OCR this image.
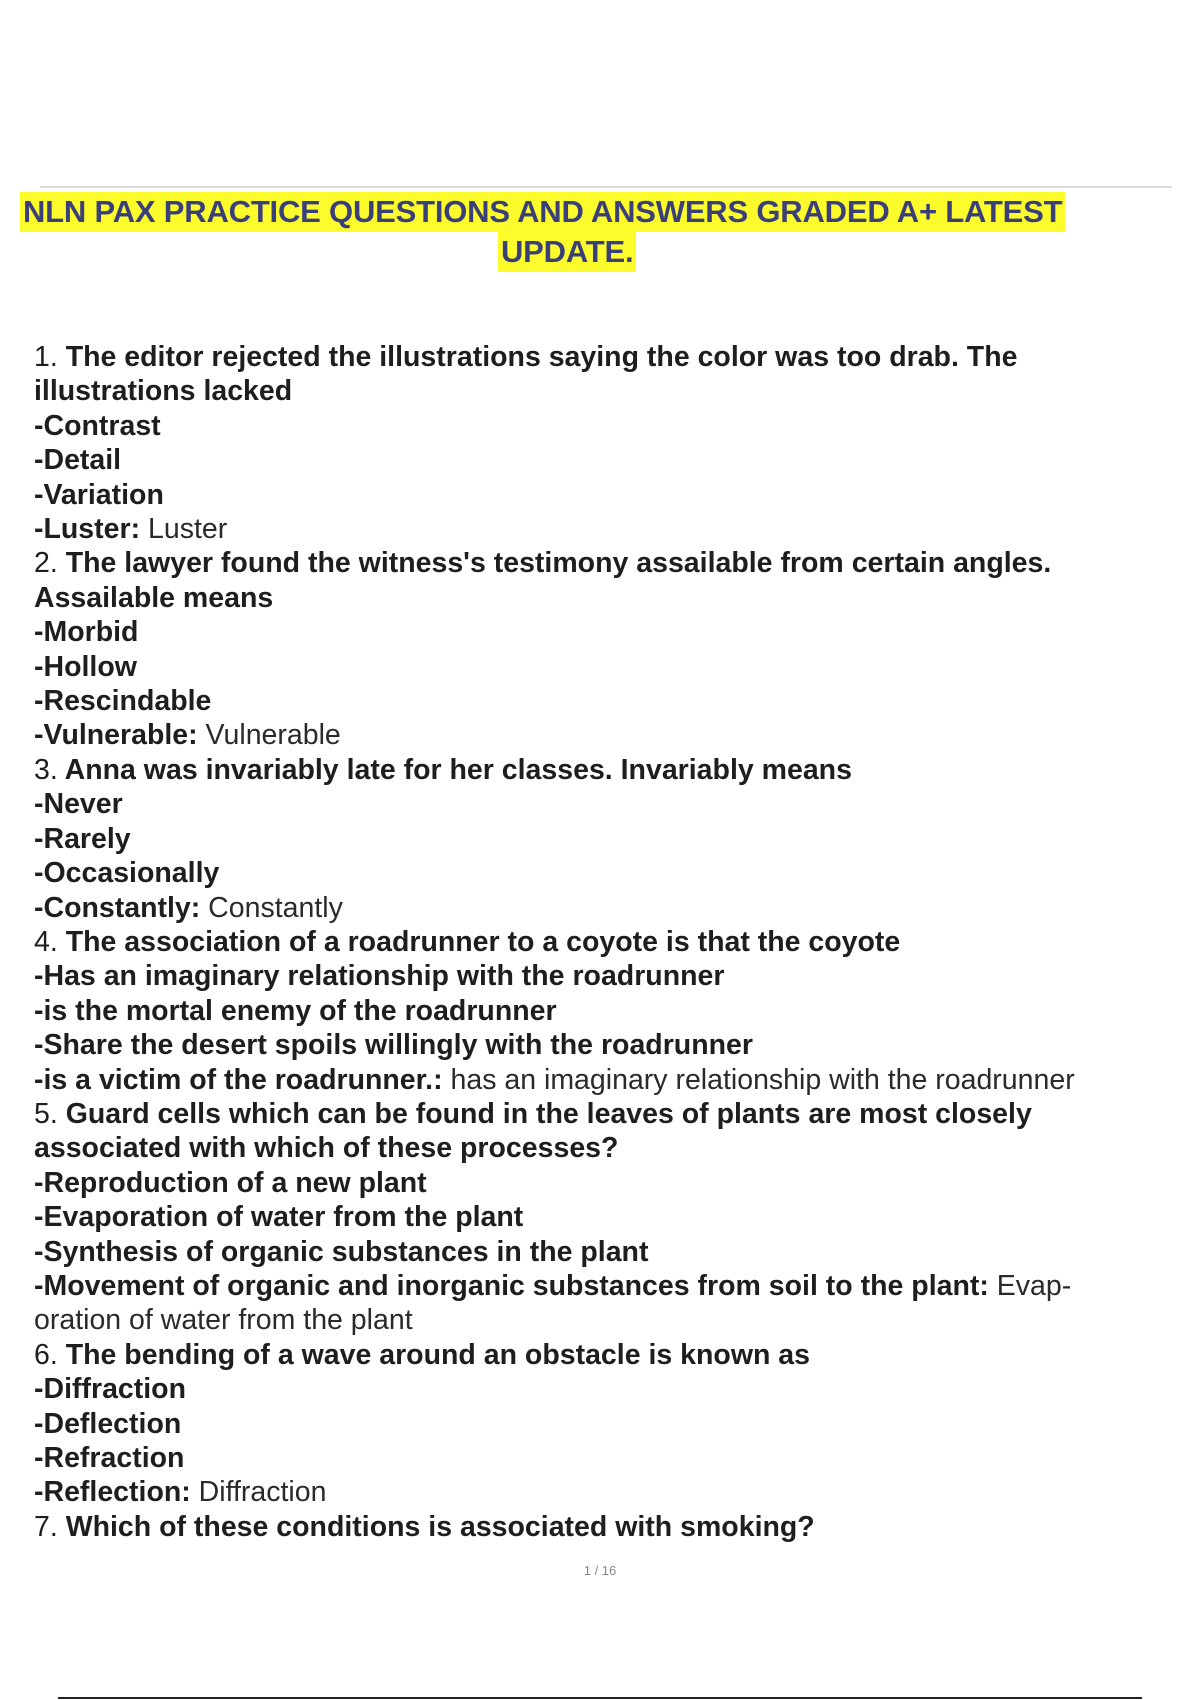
NLN PAX PRACTICE QUESTIONS AND ANSWERS GRADED A+ LATEST
UPDATE.
1. The editor rejected the illustrations saying the color was too drab. The
illustrations lacked
-Contrast
-Detail
-Variation
-Luster: Luster
2. The lawyer found the witness's testimony assailable from certain angles.
Assailable means
-Morbid
-Hollow
-Rescindable
-Vulnerable: Vulnerable
3. Anna was invariably late for her classes. Invariably means
-Never
-Rarely
-Occasionally
-Constantly: Constantly
4. The association of a roadrunner to a coyote is that the coyote
-Has an imaginary relationship with the roadrunner
-is the mortal enemy of the roadrunner
-Share the desert spoils willingly with the roadrunner
-is a victim of the roadrunner.: has an imaginary relationship with the roadrunner
5. Guard cells which can be found in the leaves of plants are most closely
associated with which of these processes?
-Reproduction of a new plant
-Evaporation of water from the plant
-Synthesis of organic substances in the plant
-Movement of organic and inorganic substances from soil to the plant: Evap-
oration of water from the plant
6. The bending of a wave around an obstacle is known as
-Diffraction
-Deflection
-Refraction
-Reflection: Diffraction
7. Which of these conditions is associated with smoking?
1 / 16
